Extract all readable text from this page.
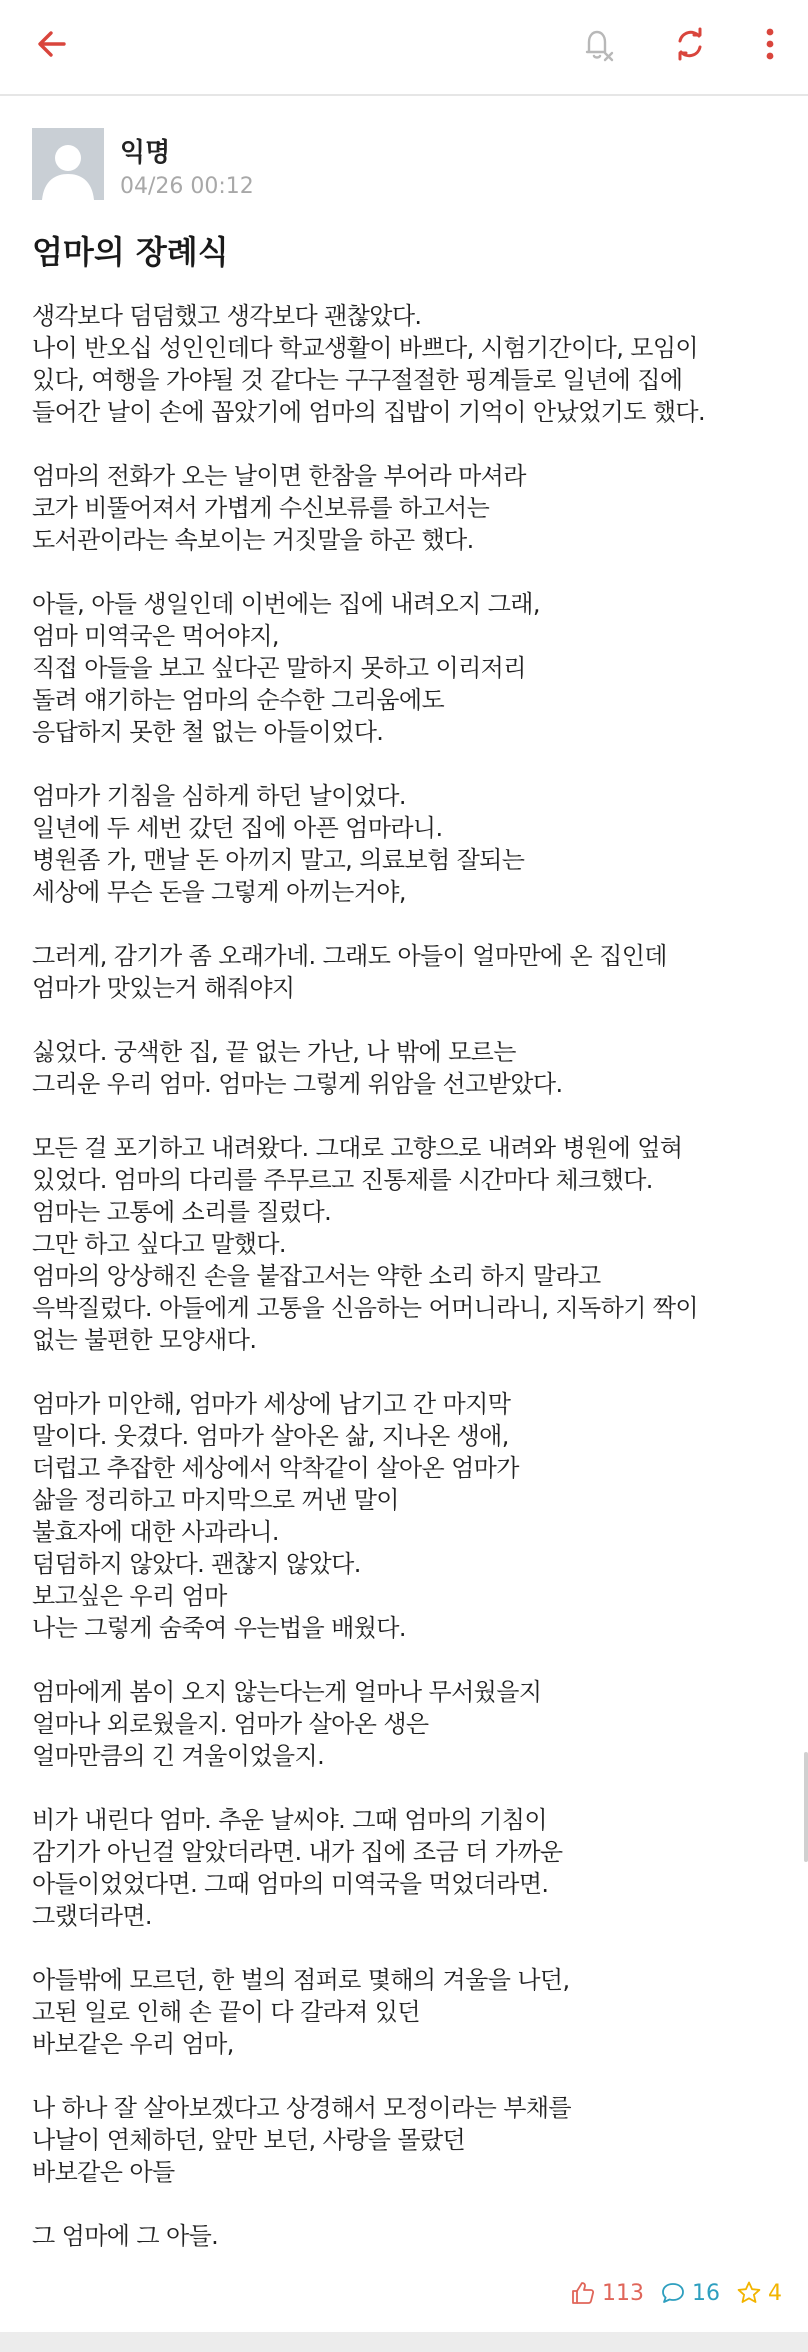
익명
04/26 00:12
엄마의 장례식
생각보다 덤덤했고 생각보다 괜찮았다.
나이 반오십 성인인데다 학교생활이 바쁘다, 시험기간이다, 모임이
있다, 여행을 가야될 것 같다는 구구절절한 핑계들로 일년에 집에
들어간 날이 손에 꼽았기에 엄마의 집밥이 기억이 안났었기도 했다.
엄마의 전화가 오는 날이면 한참을 부어라 마셔라
코가 비뚤어져서 가볍게 수신보류를 하고서는
도서관이라는 속보이는 거짓말을 하곤 했다.
아들, 아들 생일인데 이번에는 집에 내려오지 그래,
엄마 미역국은 먹어야지,
직접 아들을 보고 싶다곤 말하지 못하고 이리저리
돌려 얘기하는 엄마의 순수한 그리움에도
응답하지 못한 철 없는 아들이었다.
엄마가 기침을 심하게 하던 날이었다.
일년에 두 세번 갔던 집에 아픈 엄마라니.
병원좀 가, 맨날 돈 아끼지 말고, 의료보험 잘되는
세상에 무슨 돈을 그렇게 아끼는거야,
그러게, 감기가 좀 오래가네. 그래도 아들이 얼마만에 온 집인데
엄마가 맛있는거 해줘야지
싫었다. 궁색한 집, 끝 없는 가난, 나 밖에 모르는
그리운 우리 엄마. 엄마는 그렇게 위암을 선고받았다.
모든 걸 포기하고 내려왔다. 그대로 고향으로 내려와 병원에 엎혀
있었다. 엄마의 다리를 주무르고 진통제를 시간마다 체크했다.
엄마는 고통에 소리를 질렀다.
그만 하고 싶다고 말했다.
엄마의 앙상해진 손을 붙잡고서는 약한 소리 하지 말라고
윽박질렀다. 아들에게 고통을 신음하는 어머니라니, 지독하기 짝이
없는 불편한 모양새다.
엄마가 미안해, 엄마가 세상에 남기고 간 마지막
말이다. 웃겼다. 엄마가 살아온 삶, 지나온 생애,
더럽고 추잡한 세상에서 악착같이 살아온 엄마가
삶을 정리하고 마지막으로 꺼낸 말이
불효자에 대한 사과라니.
덤덤하지 않았다. 괜찮지 않았다.
보고싶은 우리 엄마
나는 그렇게 숨죽여 우는법을 배웠다.
엄마에게 봄이 오지 않는다는게 얼마나 무서웠을지
얼마나 외로웠을지. 엄마가 살아온 생은
얼마만큼의 긴 겨울이었을지.
비가 내린다 엄마. 추운 날씨야. 그때 엄마의 기침이
감기가 아닌걸 알았더라면. 내가 집에 조금 더 가까운
아들이었었다면. 그때 엄마의 미역국을 먹었더라면.
그랬더라면.
아들밖에 모르던, 한 벌의 점퍼로 몇해의 겨울을 나던,
고된 일로 인해 손 끝이 다 갈라져 있던
바보같은 우리 엄마,
나 하나 잘 살아보겠다고 상경해서 모정이라는 부채를
나날이 연체하던, 앞만 보던, 사랑을 몰랐던
바보같은 아들
그 엄마에 그 아들.
113 16 4
